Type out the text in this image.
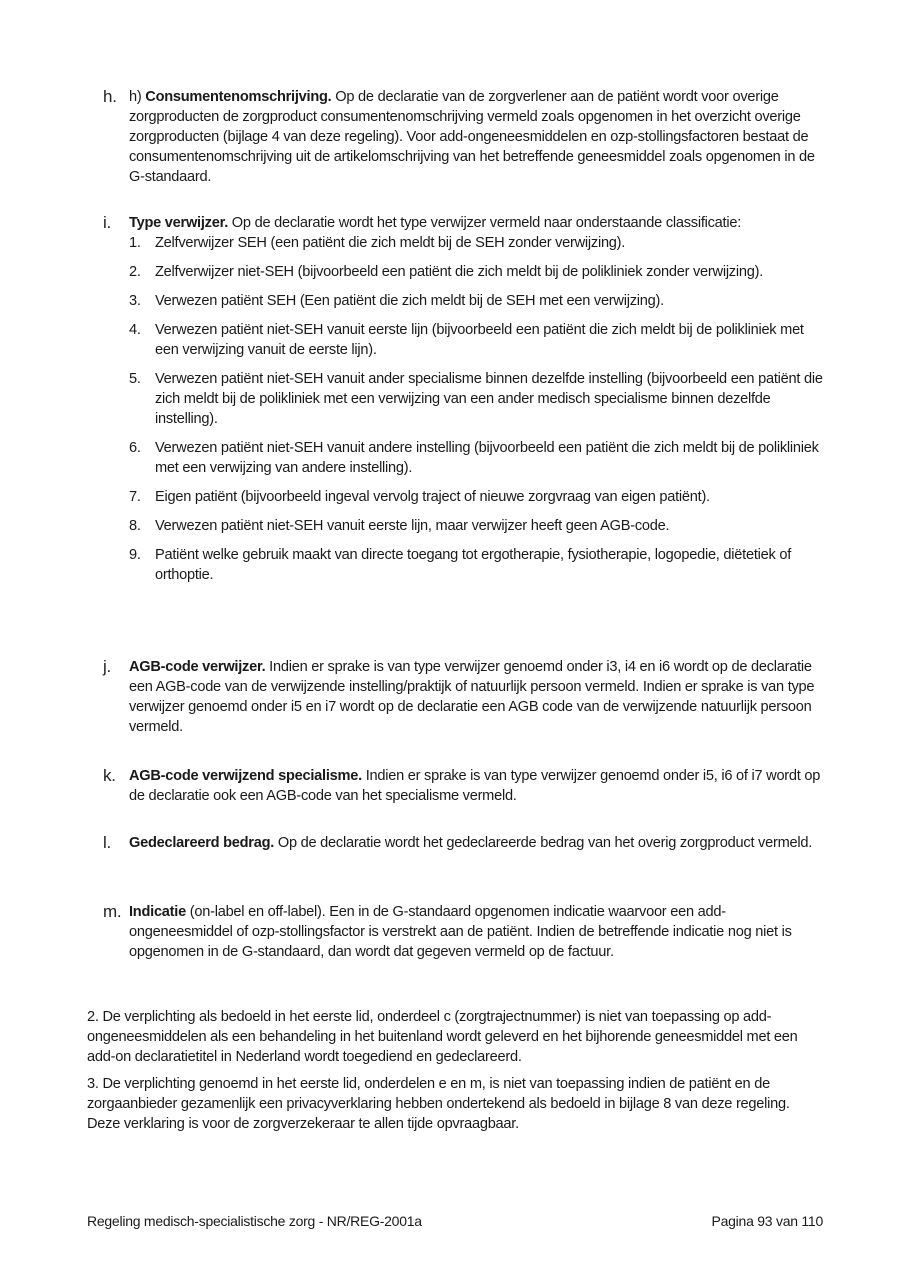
h. h) Consumentenomschrijving. Op de declaratie van de zorgverlener aan de patiënt wordt voor overige zorgproducten de zorgproduct consumentenomschrijving vermeld zoals opgenomen in het overzicht overige zorgproducten (bijlage 4 van deze regeling). Voor add-ongeneesmiddelen en ozp-stollingsfactoren bestaat de consumentenomschrijving uit de artikelomschrijving van het betreffende geneesmiddel zoals opgenomen in de G-standaard.
i. Type verwijzer. Op de declaratie wordt het type verwijzer vermeld naar onderstaande classificatie:
1. Zelfverwijzer SEH (een patiënt die zich meldt bij de SEH zonder verwijzing).
2. Zelfverwijzer niet-SEH (bijvoorbeeld een patiënt die zich meldt bij de polikliniek zonder verwijzing).
3. Verwezen patiënt SEH (Een patiënt die zich meldt bij de SEH met een verwijzing).
4. Verwezen patiënt niet-SEH vanuit eerste lijn (bijvoorbeeld een patiënt die zich meldt bij de polikliniek met een verwijzing vanuit de eerste lijn).
5. Verwezen patiënt niet-SEH vanuit ander specialisme binnen dezelfde instelling (bijvoorbeeld een patiënt die zich meldt bij de polikliniek met een verwijzing van een ander medisch specialisme binnen dezelfde instelling).
6. Verwezen patiënt niet-SEH vanuit andere instelling (bijvoorbeeld een patiënt die zich meldt bij de polikliniek met een verwijzing van andere instelling).
7. Eigen patiënt (bijvoorbeeld ingeval vervolg traject of nieuwe zorgvraag van eigen patiënt).
8. Verwezen patiënt niet-SEH vanuit eerste lijn, maar verwijzer heeft geen AGB-code.
9. Patiënt welke gebruik maakt van directe toegang tot ergotherapie, fysiotherapie, logopedie, diëtetiek of orthoptie.
j. AGB-code verwijzer. Indien er sprake is van type verwijzer genoemd onder i3, i4 en i6 wordt op de declaratie een AGB-code van de verwijzende instelling/praktijk of natuurlijk persoon vermeld. Indien er sprake is van type verwijzer genoemd onder i5 en i7 wordt op de declaratie een AGB code van de verwijzende natuurlijk persoon vermeld.
k. AGB-code verwijzend specialisme. Indien er sprake is van type verwijzer genoemd onder i5, i6 of i7 wordt op de declaratie ook een AGB-code van het specialisme vermeld.
l. Gedeclareerd bedrag. Op de declaratie wordt het gedeclareerde bedrag van het overig zorgproduct vermeld.
m. Indicatie (on-label en off-label). Een in de G-standaard opgenomen indicatie waarvoor een add-ongeneesmiddel of ozp-stollingsfactor is verstrekt aan de patiënt. Indien de betreffende indicatie nog niet is opgenomen in de G-standaard, dan wordt dat gegeven vermeld op de factuur.
2. De verplichting als bedoeld in het eerste lid, onderdeel c (zorgtrajectnummer) is niet van toepassing op add-ongeneesmiddelen als een behandeling in het buitenland wordt geleverd en het bijhorende geneesmiddel met een add-on declaratietitel in Nederland wordt toegediend en gedeclareerd.
3. De verplichting genoemd in het eerste lid, onderdelen e en m, is niet van toepassing indien de patiënt en de zorgaanbieder gezamenlijk een privacyverklaring hebben ondertekend als bedoeld in bijlage 8 van deze regeling. Deze verklaring is voor de zorgverzekeraar te allen tijde opvraagbaar.
Regeling medisch-specialistische zorg - NR/REG-2001a	Pagina 93 van 110
